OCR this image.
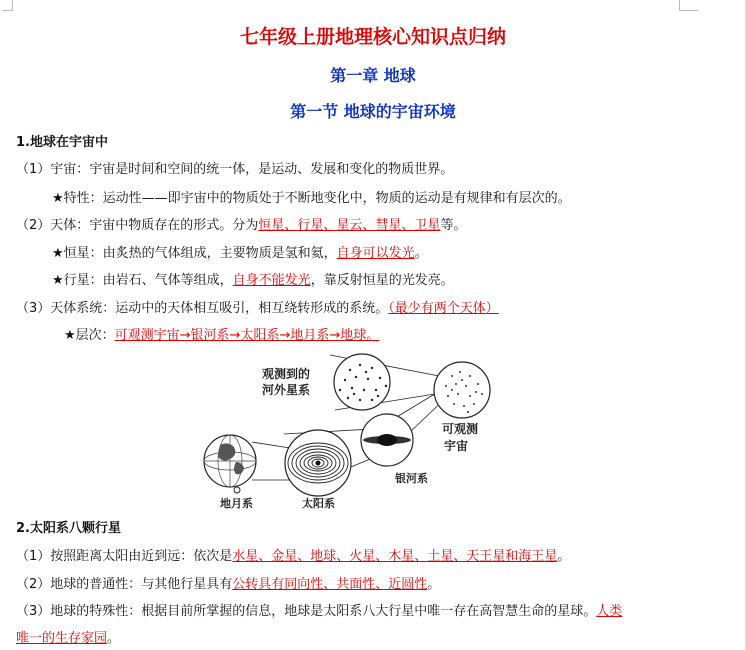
七年级上册地理核心知识点归纳
第一章 地球
第一节 地球的宇宙环境
1.地球在宇宙中
（1）宇宙：宇宙是时间和空间的统一体，是运动、发展和变化的物质世界。
★特性：运动性——即宇宙中的物质处于不断地变化中，物质的运动是有规律和有层次的。
（2）天体：宇宙中物质存在的形式。分为恒星、行星、星云、彗星、卫星等。
★恒星：由炙热的气体组成，主要物质是氢和氦，自身可以发光。
★行星：由岩石、气体等组成，自身不能发光，靠反射恒星的光发亮。
（3）天体系统：运动中的天体相互吸引，相互绕转形成的系统。（最少有两个天体）
★层次：可观测宇宙→银河系→太阳系→地月系→地球。
观测到的
河外星系
可观测
宇宙
银河系
太阳系
地月系
2.太阳系八颗行星
（1）按照距离太阳由近到远：依次是水星、金星、地球、火星、木星、土星、天王星和海王星。
（2）地球的普通性：与其他行星具有公转具有同向性、共面性、近圆性。
（3）地球的特殊性：根据目前所掌握的信息，地球是太阳系八大行星中唯一存在高智慧生命的星球。人类
唯一的生存家园。
